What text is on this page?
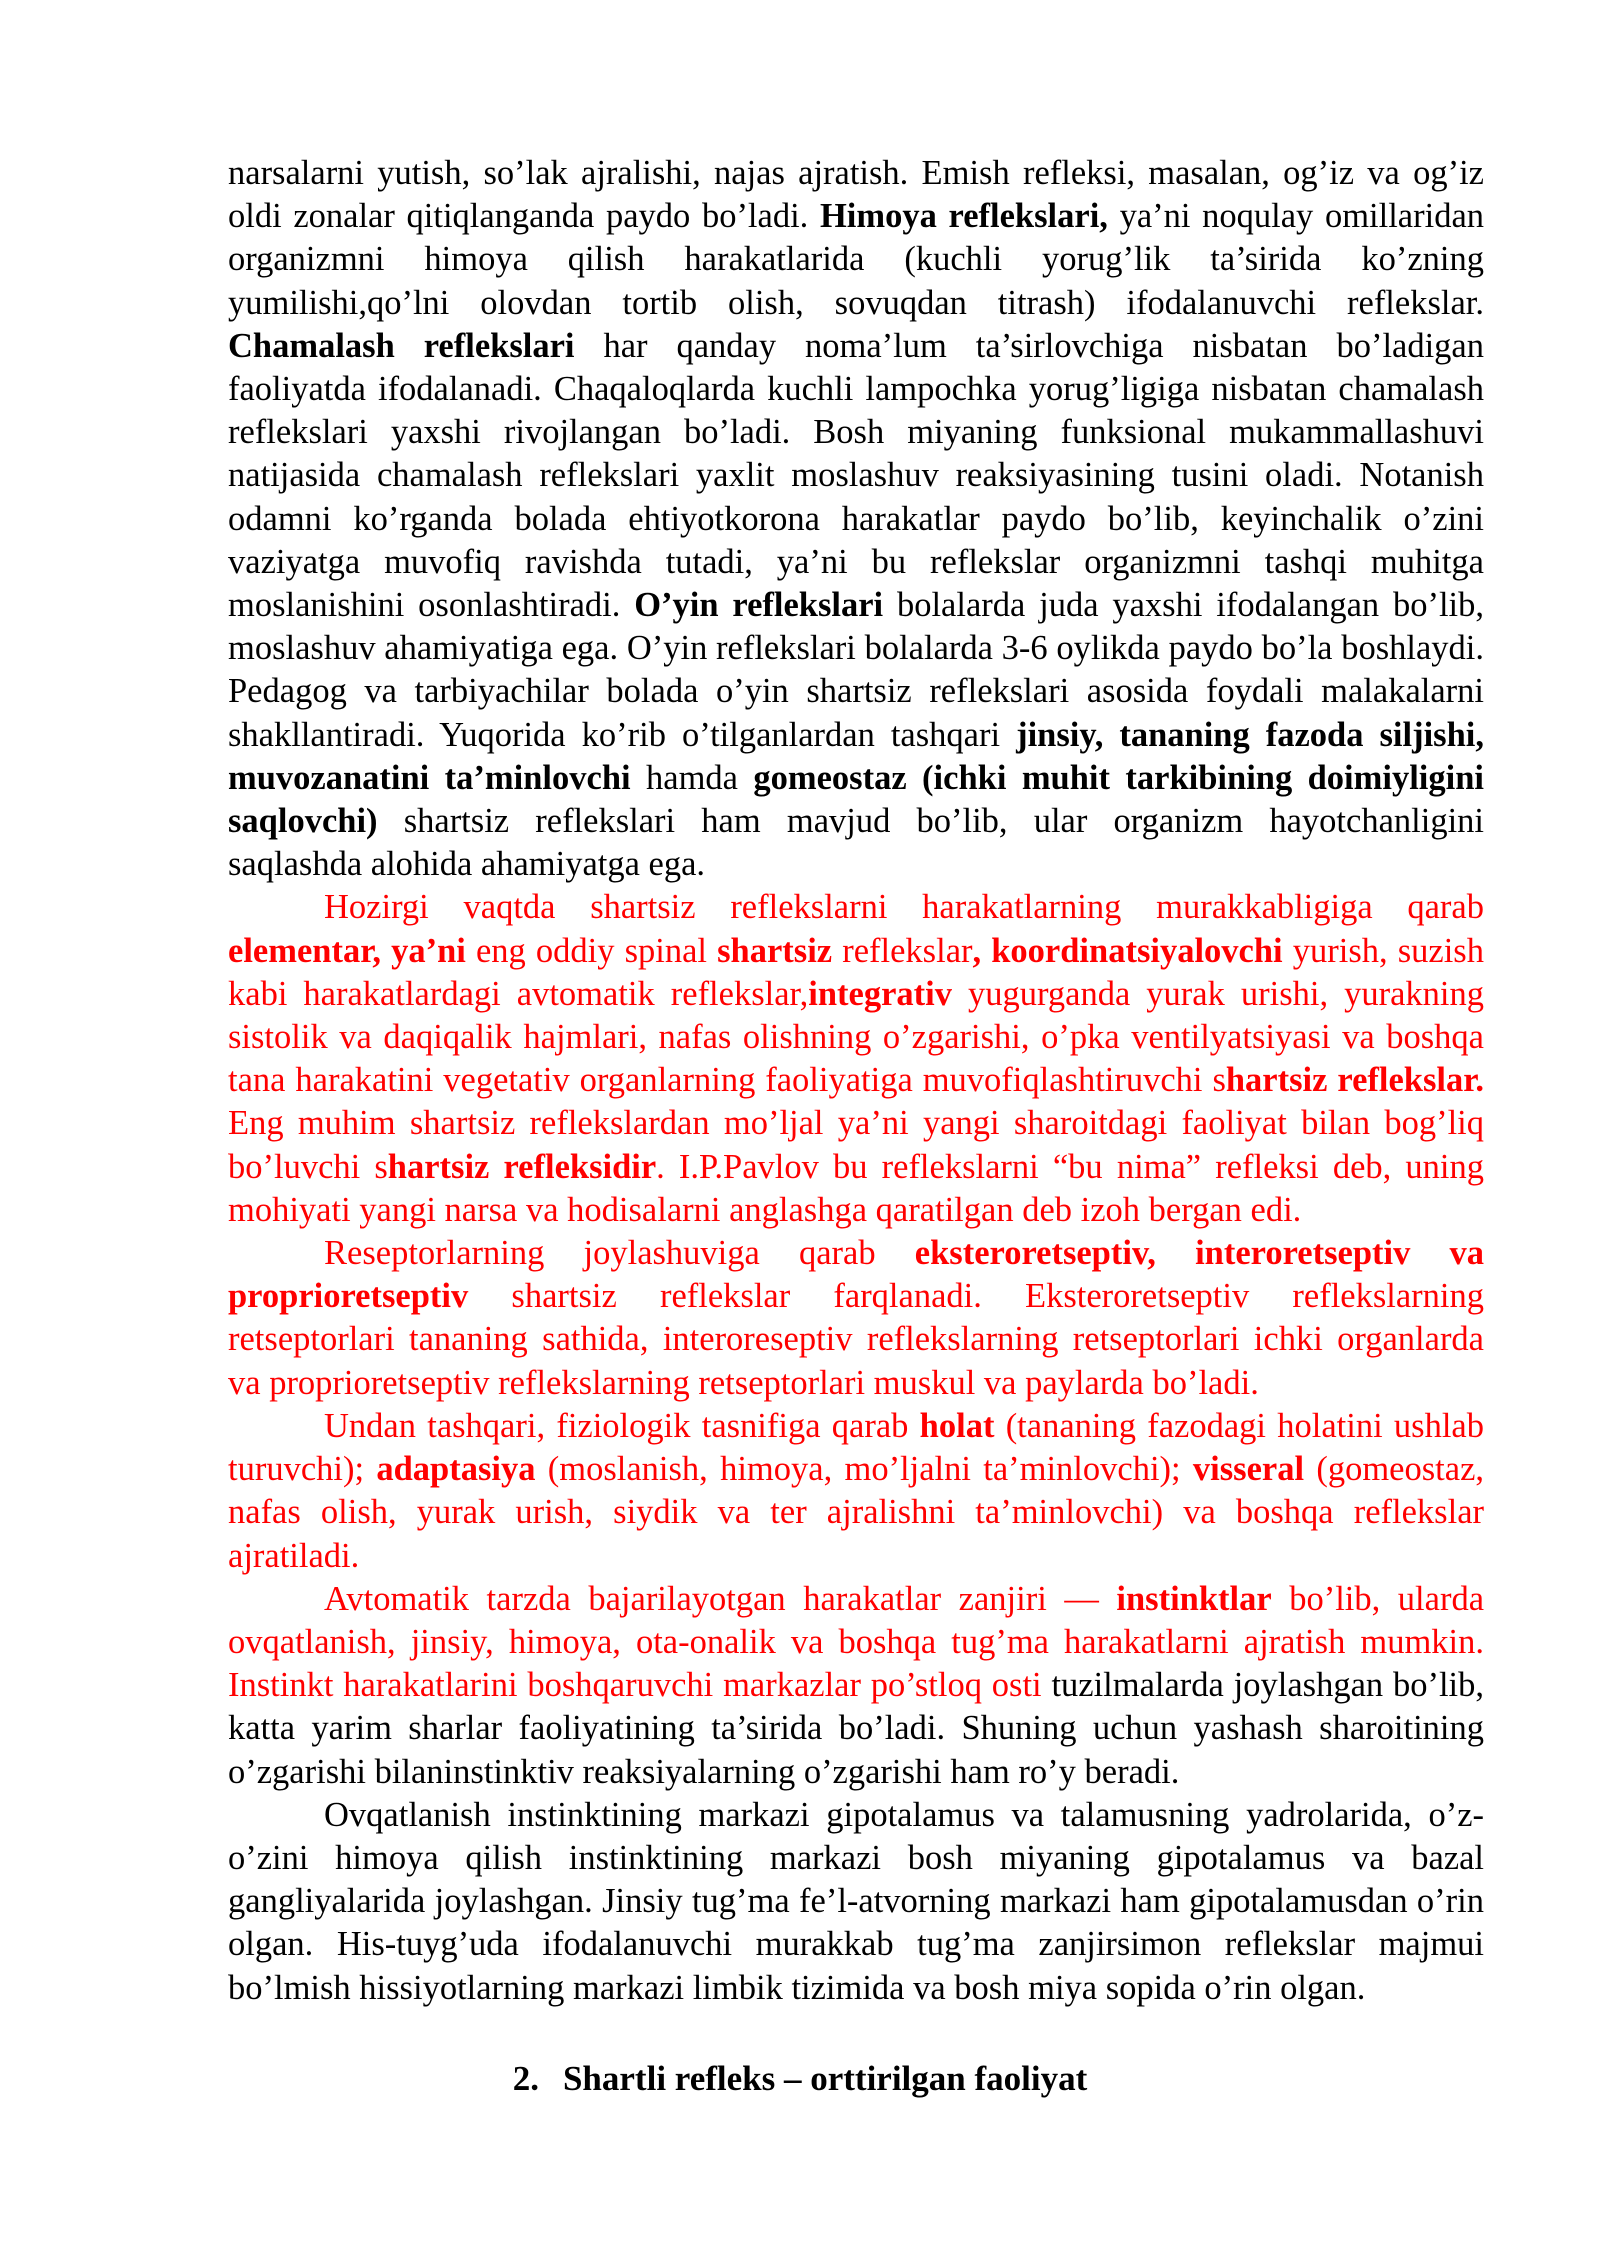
narsalarni yutish, so’lak ajralishi, najas ajratish. Emish refleksi, masalan, og’iz va og’iz oldi zonalar qitiqlanganda paydo bo’ladi. Himoya reflekslari, ya’ni noqulay omillaridan organizmni himoya qilish harakatlarida (kuchli yorug’lik ta’sirida ko’zning yumilishi,qo’lni olovdan tortib olish, sovuqdan titrash) ifodalanuvchi reflekslar. Chamalash reflekslari har qanday noma’lum ta’sirlovchiga nisbatan bo’ladigan faoliyatda ifodalanadi. Chaqaloqlarda kuchli lampochka yorug’ligiga nisbatan chamalash reflekslari yaxshi rivojlangan bo’ladi. Bosh miyaning funksional mukammallashuvi natijasida chamalash reflekslari yaxlit moslashuv reaksiyasining tusini oladi. Notanish odamni ko’rganda bolada ehtiyotkorona harakatlar paydo bo’lib, keyinchalik o’zini vaziyatga muvofiq ravishda tutadi, ya’ni bu reflekslar organizmni tashqi muhitga moslanishini osonlashtiradi. O’yin reflekslari bolalarda juda yaxshi ifodalangan bo’lib, moslashuv ahamiyatiga ega. O’yin reflekslari bolalarda 3-6 oylikda paydo bo’la boshlaydi. Pedagog va tarbiyachilar bolada o’yin shartsiz reflekslari asosida foydali malakalarni shakllantiradi. Yuqorida ko’rib o’tilganlardan tashqari jinsiy, tananing fazoda siljishi, muvozanatini ta’minlovchi hamda gomeostaz (ichki muhit tarkibining doimiyligini saqlovchi) shartsiz reflekslari ham mavjud bo’lib, ular organizm hayotchanligini saqlashda alohida ahamiyatga ega.

Hozirgi vaqtda shartsiz reflekslarni harakatlarning murakkabligiga qarab elementar, ya’ni eng oddiy spinal shartsiz reflekslar, koordinatsiyalovchi yurish, suzish kabi harakatlardagi avtomatik reflekslar,integrativ yugurganda yurak urishi, yurakning sistolik va daqiqalik hajmlari, nafas olishning o’zgarishi, o’pka ventilyatsiyasi va boshqa tana harakatini vegetativ organlarning faoliyatiga muvofiqlashtiruvchi shartsiz reflekslar. Eng muhim shartsiz reflekslardan mo’ljal ya’ni yangi sharoitdagi faoliyat bilan bog’liq bo’luvchi shartsiz refleksidir. I.P.Pavlov bu reflekslarni “bu nima” refleksi deb, uning mohiyati yangi narsa va hodisalarni anglashga qaratilgan deb izoh bergan edi.

Reseptorlarning joylashuviga qarab eksteroretseptiv, interoretseptiv va proprioretseptiv shartsiz reflekslar farqlanadi. Eksteroretseptiv reflekslarning retseptorlari tananing sathida, interoreseptiv reflekslarning retseptorlari ichki organlarda va proprioretseptiv reflekslarning retseptorlari muskul va paylarda bo’ladi.

Undan tashqari, fiziologik tasnifiga qarab holat (tananing fazodagi holatini ushlab turuvchi); adaptasiya (moslanish, himoya, mo’ljalni ta’minlovchi); visseral (gomeostaz, nafas olish, yurak urish, siydik va ter ajralishni ta’minlovchi) va boshqa reflekslar ajratiladi.

Avtomatik tarzda bajarilayotgan harakatlar zanjiri — instinktlar bo’lib, ularda ovqatlanish, jinsiy, himoya, ota-onalik va boshqa tug’ma harakatlarni ajratish mumkin. Instinkt harakatlarini boshqaruvchi markazlar po’stloq osti tuzilmalarda joylashgan bo’lib, katta yarim sharlar faoliyatining ta’sirida bo’ladi. Shuning uchun yashash sharoitining o’zgarishi bilaninstinktiv reaksiyalarning o’zgarishi ham ro’y beradi.

Ovqatlanish instinktining markazi gipotalamus va talamusning yadrolarida, o’z-o’zini himoya qilish instinktining markazi bosh miyaning gipotalamus va bazal gangliyalarida joylashgan. Jinsiy tug’ma fe’l-atvorning markazi ham gipotalamusdan o’rin olgan. His-tuyg’uda ifodalanuvchi murakkab tug’ma zanjirsimon reflekslar majmui bo’lmish hissiyotlarning markazi limbik tizimida va bosh miya sopida o’rin olgan.

2. Shartli refleks – orttirilgan faoliyat
